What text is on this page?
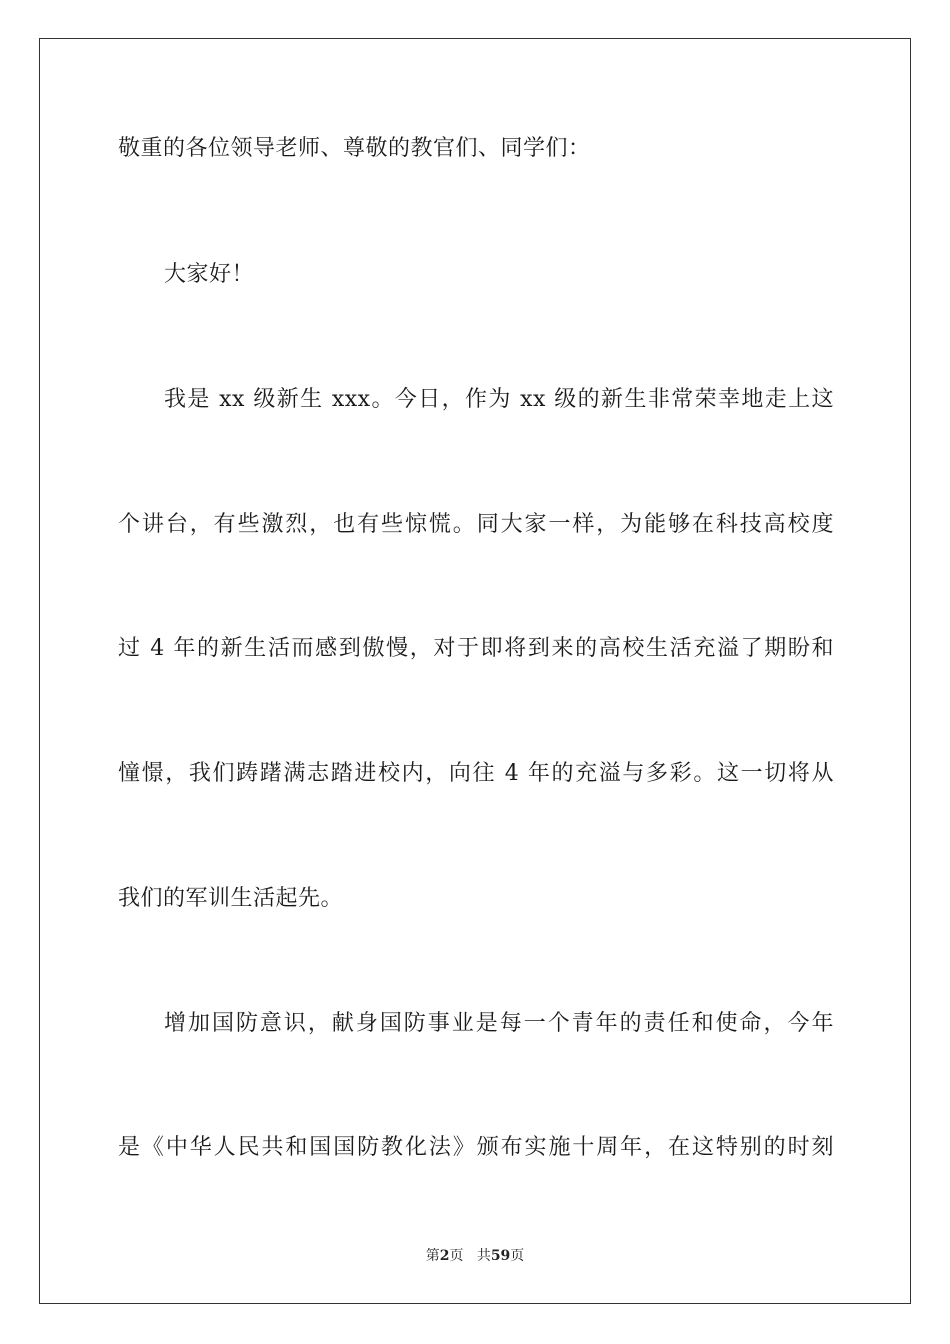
敬重的各位领导老师、尊敬的教官们、同学们：
大家好！
我是 xx 级新生 xxx。今日，作为 xx 级的新生非常荣幸地走上这
个讲台，有些激烈，也有些惊慌。同大家一样，为能够在科技高校度
过 4 年的新生活而感到傲慢，对于即将到来的高校生活充溢了期盼和
憧憬，我们踌躇满志踏进校内，向往 4 年的充溢与多彩。这一切将从
我们的军训生活起先。
增加国防意识，献身国防事业是每一个青年的责任和使命，今年
是《中华人民共和国国防教化法》颁布实施十周年，在这特别的时刻
第2页 共59页
